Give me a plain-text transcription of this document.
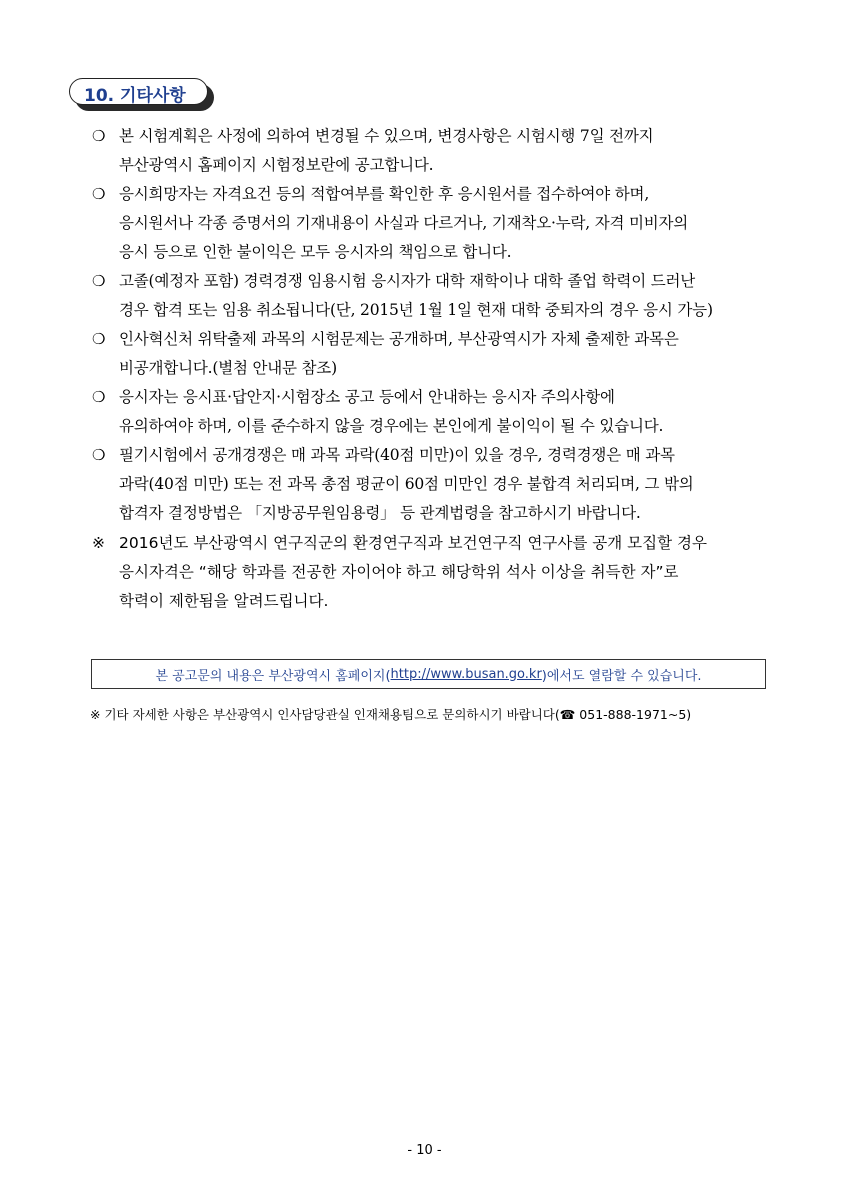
10. 기타사항
❍ 본 시험계획은 사정에 의하여 변경될 수 있으며, 변경사항은 시험시행 7일 전까지
부산광역시 홈페이지 시험정보란에 공고합니다.
❍ 응시희망자는 자격요건 등의 적합여부를 확인한 후 응시원서를 접수하여야 하며,
응시원서나 각종 증명서의 기재내용이 사실과 다르거나, 기재착오·누락, 자격 미비자의
응시 등으로 인한 불이익은 모두 응시자의 책임으로 합니다.
❍ 고졸(예정자 포함) 경력경쟁 임용시험 응시자가 대학 재학이나 대학 졸업 학력이 드러난
경우 합격 또는 임용 취소됩니다(단, 2015년 1월 1일 현재 대학 중퇴자의 경우 응시 가능)
❍ 인사혁신처 위탁출제 과목의 시험문제는 공개하며, 부산광역시가 자체 출제한 과목은
비공개합니다.(별첨 안내문 참조)
❍ 응시자는 응시표·답안지·시험장소 공고 등에서 안내하는 응시자 주의사항에
유의하여야 하며, 이를 준수하지 않을 경우에는 본인에게 불이익이 될 수 있습니다.
❍ 필기시험에서 공개경쟁은 매 과목 과락(40점 미만)이 있을 경우, 경력경쟁은 매 과목
과락(40점 미만) 또는 전 과목 총점 평균이 60점 미만인 경우 불합격 처리되며, 그 밖의
합격자 결정방법은 「지방공무원임용령」 등 관계법령을 참고하시기 바랍니다.
※ 2016년도 부산광역시 연구직군의 환경연구직과 보건연구직 연구사를 공개 모집할 경우
응시자격은 “해당 학과를 전공한 자이어야 하고 해당학위 석사 이상을 취득한 자”로
학력이 제한됨을 알려드립니다.
본 공고문의 내용은 부산광역시 홈페이지( http://www.busan.go.kr )에서도 열람할 수 있습니다.
※ 기타 자세한 사항은 부산광역시 인사담당관실 인재채용팀으로 문의하시기 바랍니다(☎ 051-888-1971~5)
- 10 -
